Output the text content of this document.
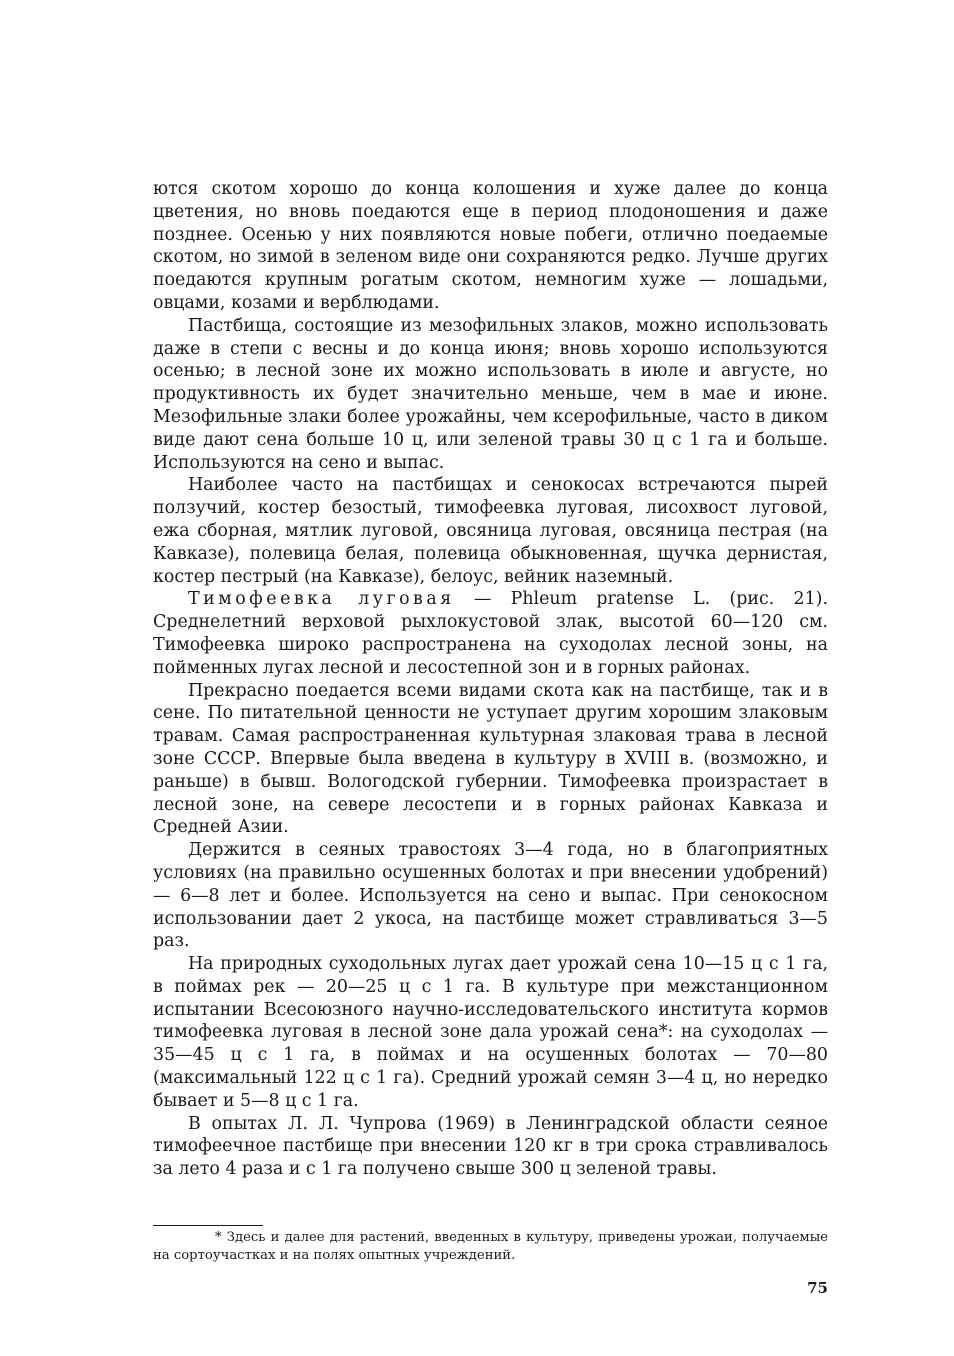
ются скотом хорошо до конца колошения и хуже далее до конца цветения, но вновь поедаются еще в период плодоношения и даже позднее. Осенью у них появляются новые побеги, отлично поедаемые скотом, но зимой в зеленом виде они сохраняются редко. Лучше других поедаются крупным рогатым скотом, немногим хуже — лошадьми, овцами, козами и верблюдами.

Пастбища, состоящие из мезофильных злаков, можно использовать даже в степи с весны и до конца июня; вновь хорошо используются осенью; в лесной зоне их можно использовать в июле и августе, но продуктивность их будет значительно меньше, чем в мае и июне. Мезофильные злаки более урожайны, чем ксерофильные, часто в диком виде дают сена больше 10 ц, или зеленой травы 30 ц с 1 га и больше. Используются на сено и выпас.

Наиболее часто на пастбищах и сенокосах встречаются пырей ползучий, костер безостый, тимофеевка луговая, лисохвост луговой, ежа сборная, мятлик луговой, овсяница луговая, овсяница пестрая (на Кавказе), полевица белая, полевица обыкновенная, щучка дернистая, костер пестрый (на Кавказе), белоус, вейник наземный.

Тимофеевка луговая — Phleum pratense L. (рис. 21). Среднелетний верховой рыхлокустовой злак, высотой 60—120 см. Тимофеевка широко распространена на суходолах лесной зоны, на пойменных лугах лесной и лесостепной зон и в горных районах.

Прекрасно поедается всеми видами скота как на пастбище, так и в сене. По питательной ценности не уступает другим хорошим злаковым травам. Самая распространенная культурная злаковая трава в лесной зоне СССР. Впервые была введена в культуру в XVIII в. (возможно, и раньше) в бывш. Вологодской губернии. Тимофеевка произрастает в лесной зоне, на севере лесостепи и в горных районах Кавказа и Средней Азии.

Держится в сеяных травостоях 3—4 года, но в благоприятных условиях (на правильно осушенных болотах и при внесении удобрений) — 6—8 лет и более. Используется на сено и выпас. При сенокосном использовании дает 2 укоса, на пастбище может стравливаться 3—5 раз.

На природных суходольных лугах дает урожай сена 10—15 ц с 1 га, в поймах рек — 20—25 ц с 1 га. В культуре при межстанционном испытании Всесоюзного научно-исследовательского института кормов тимофеевка луговая в лесной зоне дала урожай сена*: на суходолах — 35—45 ц с 1 га, в поймах и на осушенных болотах — 70—80 (максимальный 122 ц с 1 га). Средний урожай семян 3—4 ц, но нередко бывает и 5—8 ц с 1 га.

В опытах Л. Л. Чупрова (1969) в Ленинградской области сеяное тимофеечное пастбище при внесении 120 кг в три срока стравливалось за лето 4 раза и с 1 га получено свыше 300 ц зеленой травы.

* Здесь и далее для растений, введенных в культуру, приведены урожаи, получаемые на сортоучастках и на полях опытных учреждений.

75
